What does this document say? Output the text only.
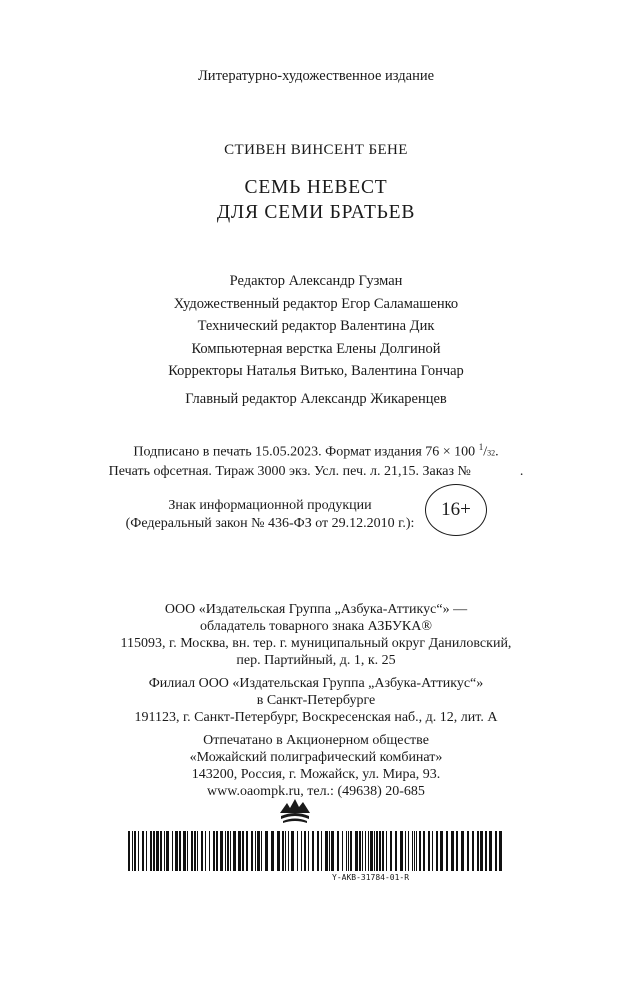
Литературно-художественное издание
СТИВЕН ВИНСЕНТ БЕНЕ
СЕМЬ НЕВЕСТ
ДЛЯ СЕМИ БРАТЬЕВ
Редактор Александр Гузман
Художественный редактор Егор Саламашенко
Технический редактор Валентина Дик
Компьютерная верстка Елены Долгиной
Корректоры Наталья Витько, Валентина Гончар
Главный редактор Александр Жикаренцев
Подписано в печать 15.05.2023. Формат издания 76 × 100 $^1$/32.
Печать офсетная. Тираж 3000 экз. Усл. печ. л. 21,15. Заказ №              .
Знак информационной продукции
(Федеральный закон № 436-ФЗ от 29.12.2010 г.):
16+
ООО «Издательская Группа „Азбука-Аттикус“» —
обладатель товарного знака АЗБУКА®
115093, г. Москва, вн. тер. г. муниципальный округ Даниловский,
пер. Партийный, д. 1, к. 25
Филиал ООО «Издательская Группа „Азбука-Аттикус“»
в Санкт-Петербурге
191123, г. Санкт-Петербург, Воскресенская наб., д. 12, лит. А
Отпечатано в Акционерном обществе
«Можайский полиграфический комбинат»
143200, Россия, г. Можайск, ул. Мира, 93.
www.oaompk.ru, тел.: (49638) 20-685
Y-AKB-31784-01-R
